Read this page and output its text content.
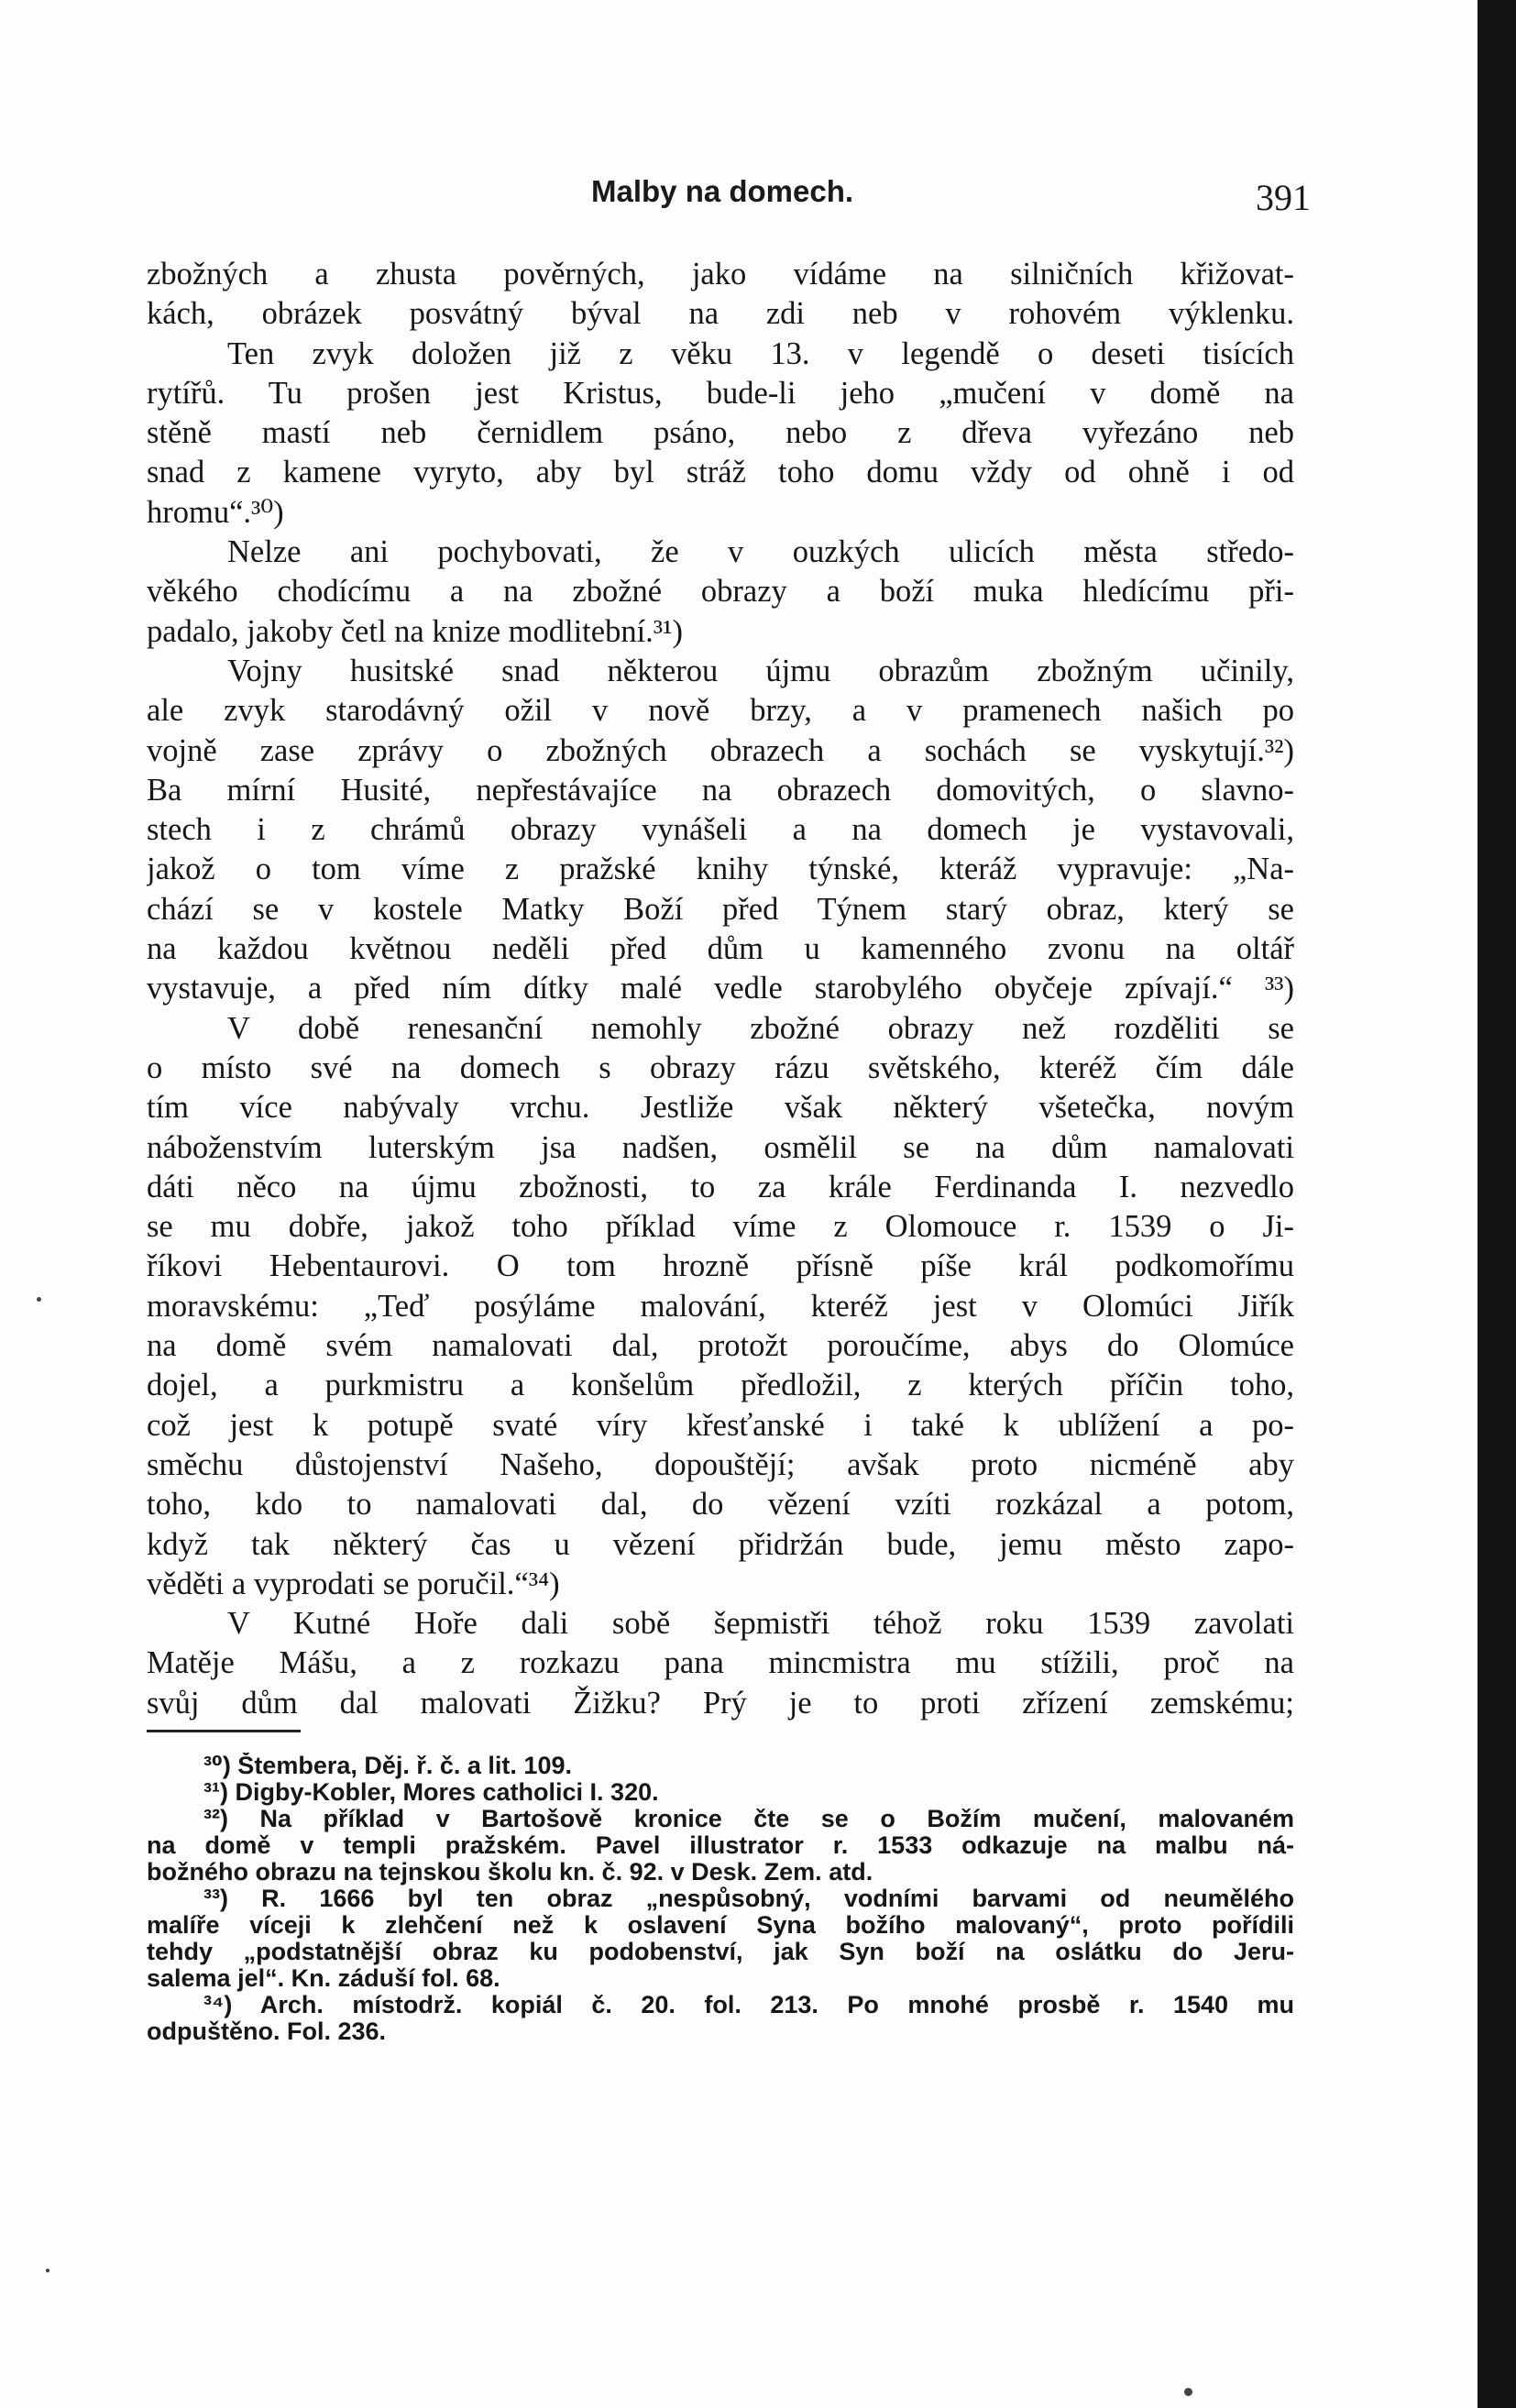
Malby na domech.	391
zbožných a zhusta pověrných, jako vídáme na silničních křižovat-
kách, obrázek posvátný býval na zdi neb v rohovém výklenku.
Ten zvyk doložen již z věku 13. v legendě o deseti tisících
rytířů. Tu prošen jest Kristus, bude-li jeho „mučení v domě na
stěně mastí neb černidlem psáno, nebo z dřeva vyřezáno neb
snad z kamene vyryto, aby byl stráž toho domu vždy od ohně i od
hromu“.³⁰)
Nelze ani pochybovati, že v ouzkých ulicích města středo-
věkého chodícímu a na zbožné obrazy a boží muka hledícímu při-
padalo, jakoby četl na knize modlitební.³¹)
Vojny husitské snad některou újmu obrazům zbožným učinily,
ale zvyk starodávný ožil v nově brzy, a v pramenech našich po
vojně zase zprávy o zbožných obrazech a sochách se vyskytují.³²)
Ba mírní Husité, nepřestávajíce na obrazech domovitých, o slavno-
stech i z chrámů obrazy vynášeli a na domech je vystavovali,
jakož o tom víme z pražské knihy týnské, kteráž vypravuje: „Na-
chází se v kostele Matky Boží před Týnem starý obraz, který se
na každou květnou neděli před dům u kamenného zvonu na oltář
vystavuje, a před ním dítky malé vedle starobylého obyčeje zpívají.“ ³³)
V době renesanční nemohly zbožné obrazy než rozděliti se
o místo své na domech s obrazy rázu světského, kteréž čím dále
tím více nabývaly vrchu. Jestliže však některý všetečka, novým
náboženstvím luterským jsa nadšen, osmělil se na dům namalovati
dáti něco na újmu zbožnosti, to za krále Ferdinanda I. nezvedlo
se mu dobře, jakož toho příklad víme z Olomouce r. 1539 o Ji-
říkovi Hebentaurovi. O tom hrozně přísně píše král podkomořímu
moravskému: „Teď posýláme malování, kteréž jest v Olomúci Jiřík
na domě svém namalovati dal, protožt poroučíme, abys do Olomúce
dojel, a purkmistru a konšelům předložil, z kterých příčin toho,
což jest k potupě svaté víry křesťanské i také k ublížení a po-
směchu důstojenství Našeho, dopouštějí; avšak proto nicméně aby
toho, kdo to namalovati dal, do vězení vzíti rozkázal a potom,
když tak některý čas u vězení přidržán bude, jemu město zapo-
věděti a vyprodati se poručil.“³⁴)
V Kutné Hoře dali sobě šepmistři téhož roku 1539 zavolati
Matěje Mášu, a z rozkazu pana mincmistra mu stížili, proč na
svůj dům dal malovati Žižku? Prý je to proti zřízení zemskému;
³⁰) Štembera, Děj. ř. č. a lit. 109.
³¹) Digby-Kobler, Mores catholici I. 320.
³²) Na příklad v Bartošově kronice čte se o Božím mučení, malovaném
na domě v templi pražském. Pavel illustrator r. 1533 odkazuje na malbu ná-
božného obrazu na tejnskou školu kn. č. 92. v Desk. Zem. atd.
³³) R. 1666 byl ten obraz „nespůsobný, vodními barvami od neumělého
malíře víceji k zlehčení než k oslavení Syna božího malovaný“, proto pořídili
tehdy „podstatnější obraz ku podobenství, jak Syn boží na oslátku do Jeru-
salema jel“. Kn. záduší fol. 68.
³⁴) Arch. místodrž. kopiál č. 20. fol. 213. Po mnohé prosbě r. 1540 mu
odpuštěno. Fol. 236.
